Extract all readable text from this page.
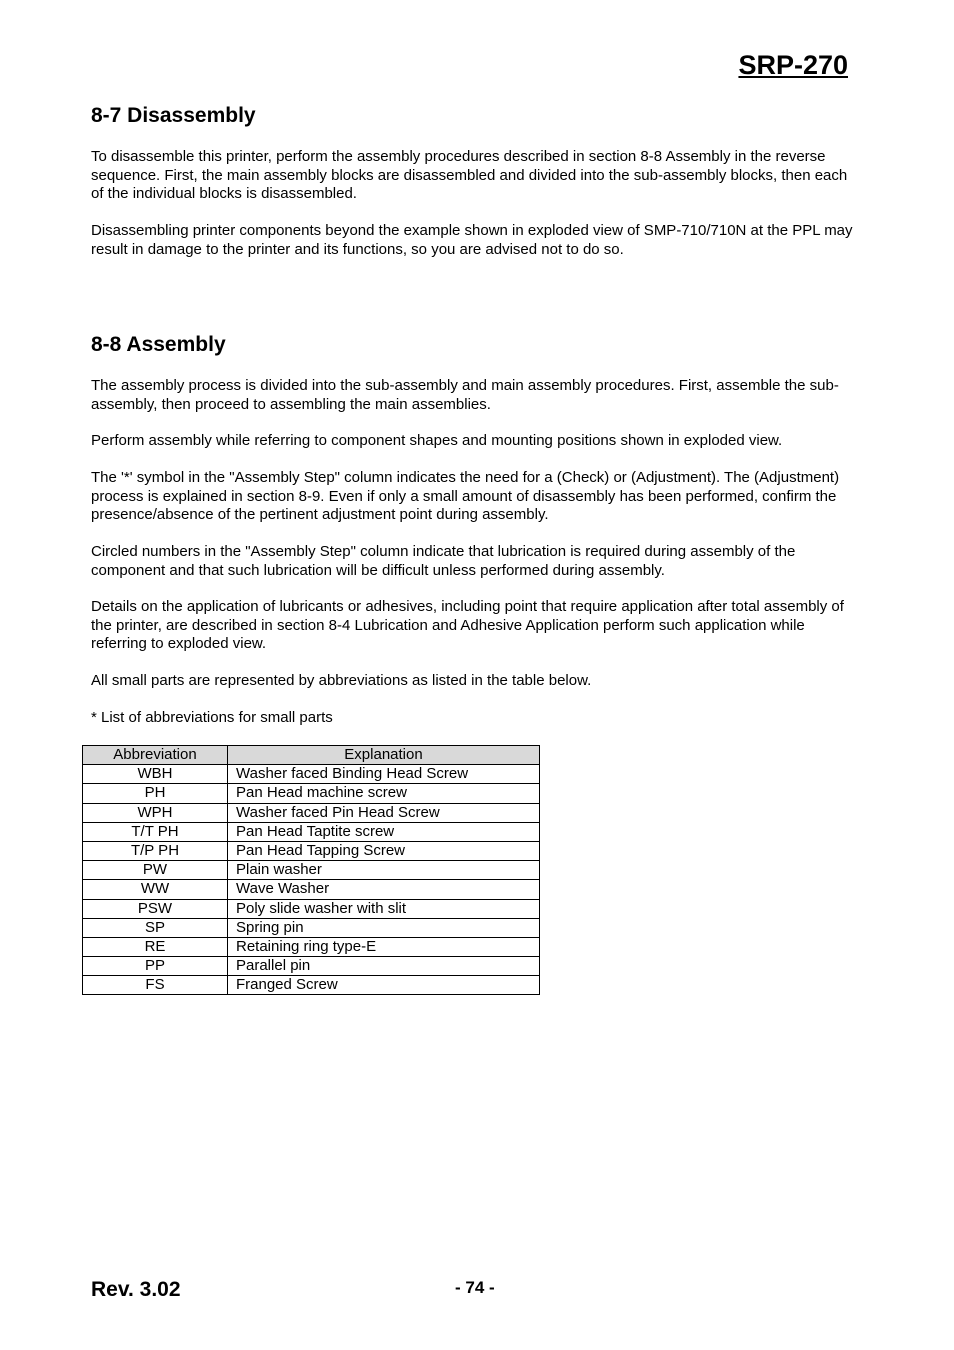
SRP-270
8-7 Disassembly

To disassemble this printer, perform the assembly procedures described in section 8-8 Assembly in the reverse sequence. First, the main assembly blocks are disassembled and divided into the sub-assembly blocks, then each of the individual blocks is disassembled.

Disassembling printer components beyond the example shown in exploded view of SMP-710/710N at the PPL may result in damage to the printer and its functions, so you are advised not to do so.

8-8 Assembly

The assembly process is divided into the sub-assembly and main assembly procedures. First, assemble the sub- assembly, then proceed to assembling the main assemblies.

Perform assembly while referring to component shapes and mounting positions shown in exploded view.

The '*' symbol in the "Assembly Step" column indicates the need for a (Check) or (Adjustment). The (Adjustment) process is explained in section 8-9. Even if only a small amount of disassembly has been performed, confirm the presence/absence of the pertinent adjustment point during assembly.

Circled numbers in the "Assembly Step" column indicate that lubrication is required during assembly of the component and that such lubrication will be difficult unless performed during assembly.

Details on the application of lubricants or adhesives, including point that require application after total assembly of the printer, are described in section 8-4 Lubrication and Adhesive Application perform such application while referring to exploded view.

All small parts are represented by abbreviations as listed in the table below.

* List of abbreviations for small parts

Abbreviation	Explanation
WBH	Washer faced Binding Head Screw
PH	Pan Head machine screw
WPH	Washer faced Pin Head Screw
T/T PH	Pan Head Taptite screw
T/P PH	Pan Head Tapping Screw
PW	Plain washer
WW	Wave Washer
PSW	Poly slide washer with slit
SP	Spring pin
RE	Retaining ring type-E
PP	Parallel pin
FS	Franged Screw
Rev. 3.02	- 74 -
